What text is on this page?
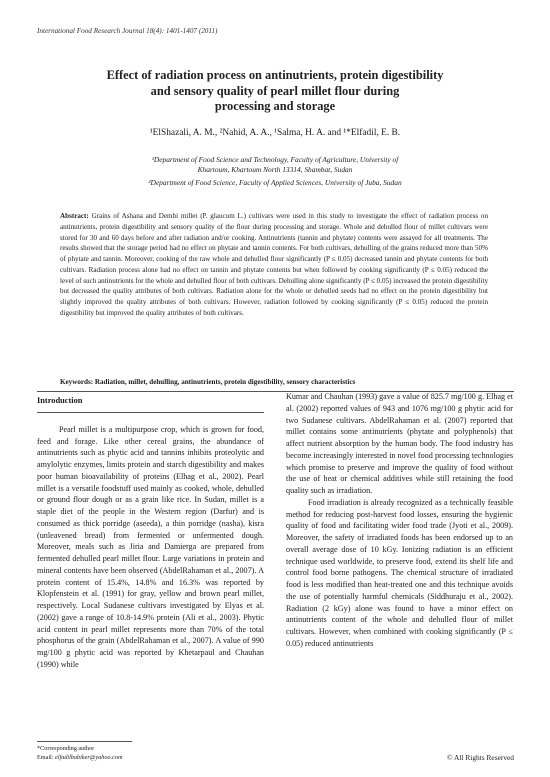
International Food Research Journal 18(4): 1401-1407 (2011)
Effect of radiation process on antinutrients, protein digestibility
and sensory quality of pearl millet flour during
processing and storage
¹ElShazali, A. M., ²Nahid, A. A., ¹Salma, H. A. and ¹*Elfadil, E. B.
¹Department of Food Science and Technology, Faculty of Agriculture, University of
Khartoum, Khartoum North 13314, Shambat, Sudan
²Department of Food Science, Faculty of Applied Sciences, University of Juba, Sudan
Abstract: Grains of Ashana and Dembi millet (P. glaucum L.) cultivars were used in this study to investigate the effect of radiation process on antinutrients, protein digestibility and sensory quality of the flour during processing and storage. Whole and dehulled flour of millet cultivars were stored for 30 and 60 days before and after radiation and/or cooking. Antinutrients (tannin and phytate) contents were assayed for all treatments. The results showed that the storage period had no effect on phytate and tannin contents. For both cultivars, dehulling of the grains reduced more than 50% of phytate and tannin. Moreover, cooking of the raw whole and dehulled flour significantly (P ≤ 0.05) decreased tannin and phytate contents for both cultivars. Radiation process alone had no effect on tannin and phytate contents but when followed by cooking significantly (P ≤ 0.05) reduced the level of such antinutrients for the whole and dehulled flour of both cultivars. Dehulling alone significantly (P ≤ 0.05) increased the protein digestibility but decreased the quality attributes of both cultivars. Radiation alone for the whole or dehulled seeds had no effect on the protein digestibility but slightly improved the quality attributes of both cultivars. However, radiation followed by cooking significantly (P ≤ 0.05) reduced the protein digestibility but improved the quality attributes of both cultivars.
Keywords: Radiation, millet, dehulling, antinutrients, protein digestibility, sensory characteristics
Introduction

Pearl millet is a multipurpose crop, which is grown for food, feed and forage. Like other cereal grains, the abundance of antinutrients such as phytic acid and tannins inhibits proteolytic and amylolytic enzymes, limits protein and starch digestibility and makes poor human bioavailability of proteins (Elhag et al., 2002). Pearl millet is a versatile foodstuff used mainly as cooked, whole, dehulled or ground flour dough or as a grain like rice. In Sudan, millet is a staple diet of the people in the Western region (Darfur) and is consumed as thick porridge (aseeda), a thin porridge (nasha), kisra (unleavened bread) from fermented or unfermented dough. Moreover, meals such as Jiria and Damierga are prepared from fermented dehulled pearl millet flour. Large variations in protein and mineral contents have been observed (AbdelRahaman et al., 2007). A protein content of 15.4%, 14.8% and 16.3% was reported by Klopfenstein et al. (1991) for gray, yellow and brown pearl millet, respectively. Local Sudanese cultivars investigated by Elyas et al. (2002) gave a range of 10.8-14.9% protein (Ali et al., 2003). Phytic acid content in pearl millet represents more than 70% of the total phosphorus of the grain (AbdelRahaman et al., 2007). A value of 990 mg/100 g phytic acid was reported by Khetarpaul and Chauhan (1990) while

Kumar and Chauhan (1993) gave a value of 825.7 mg/100 g. Elhag et al. (2002) reported values of 943 and 1076 mg/100 g phytic acid for two Sudanese cultivars. AbdelRahaman et al. (2007) reported that millet contains some antinutrients (phytate and polyphenols) that affect nutrient absorption by the human body. The food industry has become increasingly interested in novel food processing technologies which promise to preserve and improve the quality of food without the use of heat or chemical additives while still retaining the food quality such as irradiation.

Food irradiation is already recognized as a technically feasible method for reducing post-harvest food losses, ensuring the hygienic quality of food and facilitating wider food trade (Jyoti et al., 2009). Moreover, the safety of irradiated foods has been endorsed up to an overall average dose of 10 kGy. Ionizing radiation is an efficient technique used worldwide, to preserve food, extend its shelf life and control food borne pathogens. The chemical structure of irradiated food is less modified than heat-treated one and this technique avoids the use of potentially harmful chemicals (Siddhuraju et al., 2002). Radiation (2 kGy) alone was found to have a minor effect on antinutrients content of the whole and dehulled flour of millet cultivars. However, when combined with cooking significantly (P ≤ 0.05) reduced antinutrients

*Corresponding author
Email: elfadilbabiker@yahoo.com	© All Rights Reserved
